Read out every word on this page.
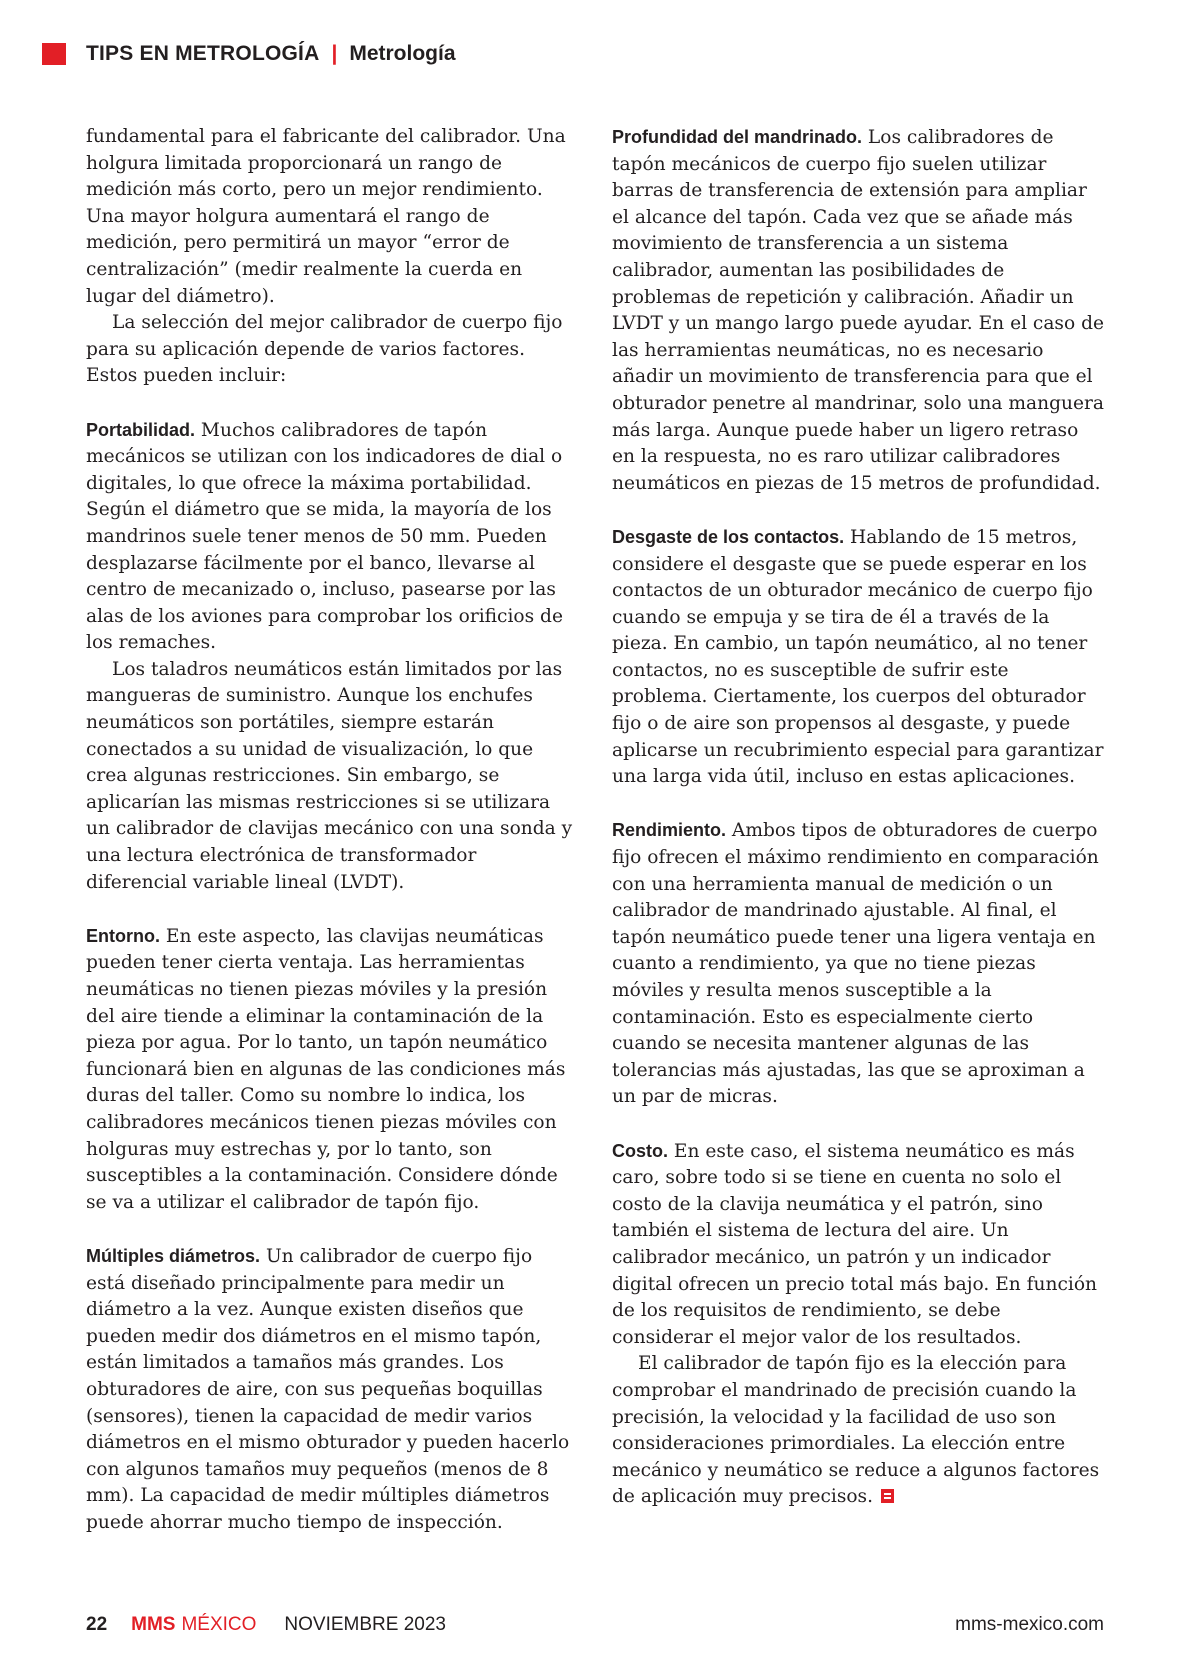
TIPS EN METROLOGÍA | Metrología

fundamental para el fabricante del calibrador. Una holgura limitada proporcionará un rango de medición más corto, pero un mejor rendimiento. Una mayor holgura aumentará el rango de medición, pero permitirá un mayor “error de centralización” (medir realmente la cuerda en lugar del diámetro).

La selección del mejor calibrador de cuerpo fijo para su aplicación depende de varios factores. Estos pueden incluir:

Portabilidad. Muchos calibradores de tapón mecánicos se utilizan con los indicadores de dial o digitales, lo que ofrece la máxima portabilidad. Según el diámetro que se mida, la mayoría de los mandrinos suele tener menos de 50 mm. Pueden desplazarse fácilmente por el banco, llevarse al centro de mecanizado o, incluso, pasearse por las alas de los aviones para comprobar los orificios de los remaches.

Los taladros neumáticos están limitados por las mangueras de suministro. Aunque los enchufes neumáticos son portátiles, siempre estarán conectados a su unidad de visualización, lo que crea algunas restricciones. Sin embargo, se aplicarían las mismas restricciones si se utilizara un calibrador de clavijas mecánico con una sonda y una lectura electrónica de transformador diferencial variable lineal (LVDT).

Entorno. En este aspecto, las clavijas neumáticas pueden tener cierta ventaja. Las herramientas neumáticas no tienen piezas móviles y la presión del aire tiende a eliminar la contaminación de la pieza por agua. Por lo tanto, un tapón neumático funcionará bien en algunas de las condiciones más duras del taller. Como su nombre lo indica, los calibradores mecánicos tienen piezas móviles con holguras muy estrechas y, por lo tanto, son susceptibles a la contaminación. Considere dónde se va a utilizar el calibrador de tapón fijo.

Múltiples diámetros. Un calibrador de cuerpo fijo está diseñado principalmente para medir un diámetro a la vez. Aunque existen diseños que pueden medir dos diámetros en el mismo tapón, están limitados a tamaños más grandes. Los obturadores de aire, con sus pequeñas boquillas (sensores), tienen la capacidad de medir varios diámetros en el mismo obturador y pueden hacerlo con algunos tamaños muy pequeños (menos de 8 mm). La capacidad de medir múltiples diámetros puede ahorrar mucho tiempo de inspección.

Profundidad del mandrinado. Los calibradores de tapón mecánicos de cuerpo fijo suelen utilizar barras de transferencia de extensión para ampliar el alcance del tapón. Cada vez que se añade más movimiento de transferencia a un sistema calibrador, aumentan las posibilidades de problemas de repetición y calibración. Añadir un LVDT y un mango largo puede ayudar. En el caso de las herramientas neumáticas, no es necesario añadir un movimiento de transferencia para que el obturador penetre al mandrinar, solo una manguera más larga. Aunque puede haber un ligero retraso en la respuesta, no es raro utilizar calibradores neumáticos en piezas de 15 metros de profundidad.

Desgaste de los contactos. Hablando de 15 metros, considere el desgaste que se puede esperar en los contactos de un obturador mecánico de cuerpo fijo cuando se empuja y se tira de él a través de la pieza. En cambio, un tapón neumático, al no tener contactos, no es susceptible de sufrir este problema. Ciertamente, los cuerpos del obturador fijo o de aire son propensos al desgaste, y puede aplicarse un recubrimiento especial para garantizar una larga vida útil, incluso en estas aplicaciones.

Rendimiento. Ambos tipos de obturadores de cuerpo fijo ofrecen el máximo rendimiento en comparación con una herramienta manual de medición o un calibrador de mandrinado ajustable. Al final, el tapón neumático puede tener una ligera ventaja en cuanto a rendimiento, ya que no tiene piezas móviles y resulta menos susceptible a la contaminación. Esto es especialmente cierto cuando se necesita mantener algunas de las tolerancias más ajustadas, las que se aproximan a un par de micras.

Costo. En este caso, el sistema neumático es más caro, sobre todo si se tiene en cuenta no solo el costo de la clavija neumática y el patrón, sino también el sistema de lectura del aire. Un calibrador mecánico, un patrón y un indicador digital ofrecen un precio total más bajo. En función de los requisitos de rendimiento, se debe considerar el mejor valor de los resultados.

El calibrador de tapón fijo es la elección para comprobar el mandrinado de precisión cuando la precisión, la velocidad y la facilidad de uso son consideraciones primordiales. La elección entre mecánico y neumático se reduce a algunos factores de aplicación muy precisos.

22 MMS MÉXICO NOVIEMBRE 2023	mms-mexico.com
